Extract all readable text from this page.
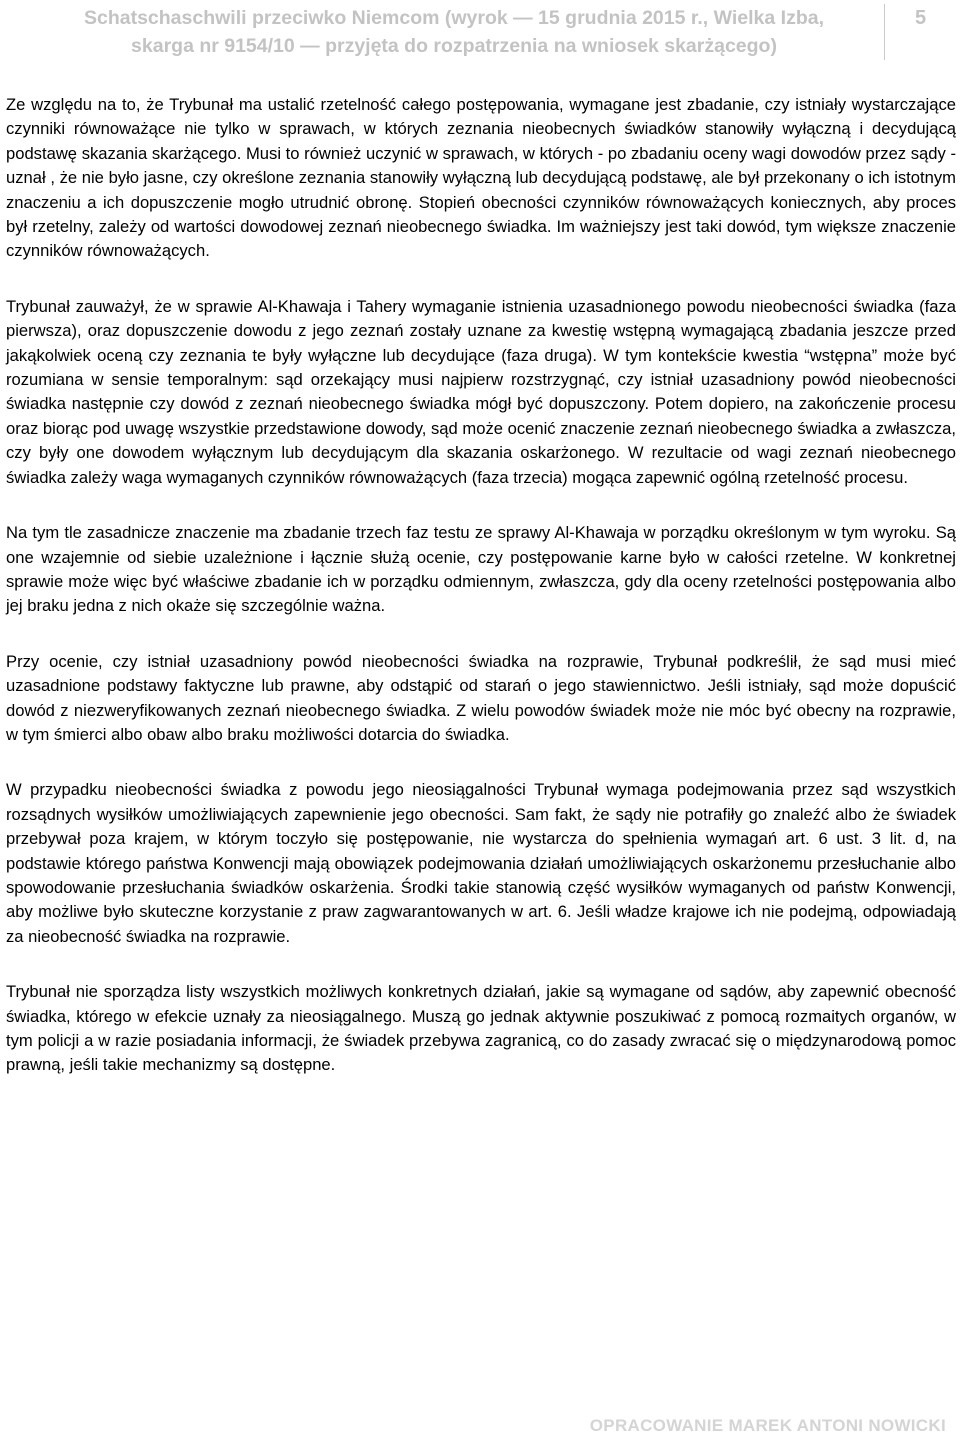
Schatschaschwili przeciwko Niemcom (wyrok — 15 grudnia 2015 r., Wielka Izba,
skarga nr 9154/10 — przyjęta do rozpatrzenia na wniosek skarżącego)
5

Ze względu na to, że Trybunał ma ustalić rzetelność całego postępowania, wymagane jest zbadanie, czy istniały wystarczające czynniki równoważące nie tylko w sprawach, w których zeznania nieobecnych świadków stanowiły wyłączną i decydującą podstawę skazania skarżącego. Musi to również uczynić w sprawach, w których - po zbadaniu oceny wagi dowodów przez sądy - uznał , że nie było jasne, czy określone zeznania stanowiły wyłączną lub decydującą podstawę, ale był przekonany o ich istotnym znaczeniu a ich dopuszczenie mogło utrudnić obronę. Stopień obecności czynników równoważących koniecznych, aby proces był rzetelny, zależy od wartości dowodowej zeznań nieobecnego świadka. Im ważniejszy jest taki dowód, tym większe znaczenie czynników równoważących.

Trybunał zauważył, że w sprawie Al-Khawaja i Tahery wymaganie istnienia uzasadnionego powodu nieobecności świadka (faza pierwsza), oraz dopuszczenie dowodu z jego zeznań zostały uznane za kwestię wstępną wymagającą zbadania jeszcze przed jakąkolwiek oceną czy zeznania te były wyłączne lub decydujące (faza druga). W tym kontekście kwestia “wstępna” może być rozumiana w sensie temporalnym: sąd orzekający musi najpierw rozstrzygnąć, czy istniał uzasadniony powód nieobecności świadka następnie czy dowód z zeznań nieobecnego świadka mógł być dopuszczony. Potem dopiero, na zakończenie procesu oraz biorąc pod uwagę wszystkie przedstawione dowody, sąd może ocenić znaczenie zeznań nieobecnego świadka a zwłaszcza, czy były one dowodem wyłącznym lub decydującym dla skazania oskarżonego. W rezultacie od wagi zeznań nieobecnego świadka zależy waga wymaganych czynników równoważących (faza trzecia) mogąca zapewnić ogólną rzetelność procesu.

Na tym tle zasadnicze znaczenie ma zbadanie trzech faz testu ze sprawy Al-Khawaja w porządku określonym w tym wyroku. Są one wzajemnie od siebie uzależnione i łącznie służą ocenie, czy postępowanie karne było w całości rzetelne. W konkretnej sprawie może więc być właściwe zbadanie ich w porządku odmiennym, zwłaszcza, gdy dla oceny rzetelności postępowania albo jej braku jedna z nich okaże się szczególnie ważna.

Przy ocenie, czy istniał uzasadniony powód nieobecności świadka na rozprawie, Trybunał podkreślił, że sąd musi mieć uzasadnione podstawy faktyczne lub prawne, aby odstąpić od starań o jego stawiennictwo. Jeśli istniały, sąd może dopuścić dowód z niezweryfikowanych zeznań nieobecnego świadka. Z wielu powodów świadek może nie móc być obecny na rozprawie, w tym śmierci albo obaw albo braku możliwości dotarcia do świadka.

W przypadku nieobecności świadka z powodu jego nieosiągalności Trybunał wymaga podejmowania przez sąd wszystkich rozsądnych wysiłków umożliwiających zapewnienie jego obecności. Sam fakt, że sądy nie potrafiły go znaleźć albo że świadek przebywał poza krajem, w którym toczyło się postępowanie, nie wystarcza do spełnienia wymagań art. 6 ust. 3 lit. d, na podstawie którego państwa Konwencji mają obowiązek podejmowania działań umożliwiających oskarżonemu przesłuchanie albo spowodowanie przesłuchania świadków oskarżenia. Środki takie stanowią część wysiłków wymaganych od państw Konwencji, aby możliwe było skuteczne korzystanie z praw zagwarantowanych w art. 6. Jeśli władze krajowe ich nie podejmą, odpowiadają za nieobecność świadka na rozprawie.

Trybunał nie sporządza listy wszystkich możliwych konkretnych działań, jakie są wymagane od sądów, aby zapewnić obecność świadka, którego w efekcie uznały za nieosiągalnego. Muszą go jednak aktywnie poszukiwać z pomocą rozmaitych organów, w tym policji a w razie posiadania informacji, że świadek przebywa zagranicą, co do zasady zwracać się o międzynarodową pomoc prawną, jeśli takie mechanizmy są dostępne.

OPRACOWANIE MAREK ANTONI NOWICKI
